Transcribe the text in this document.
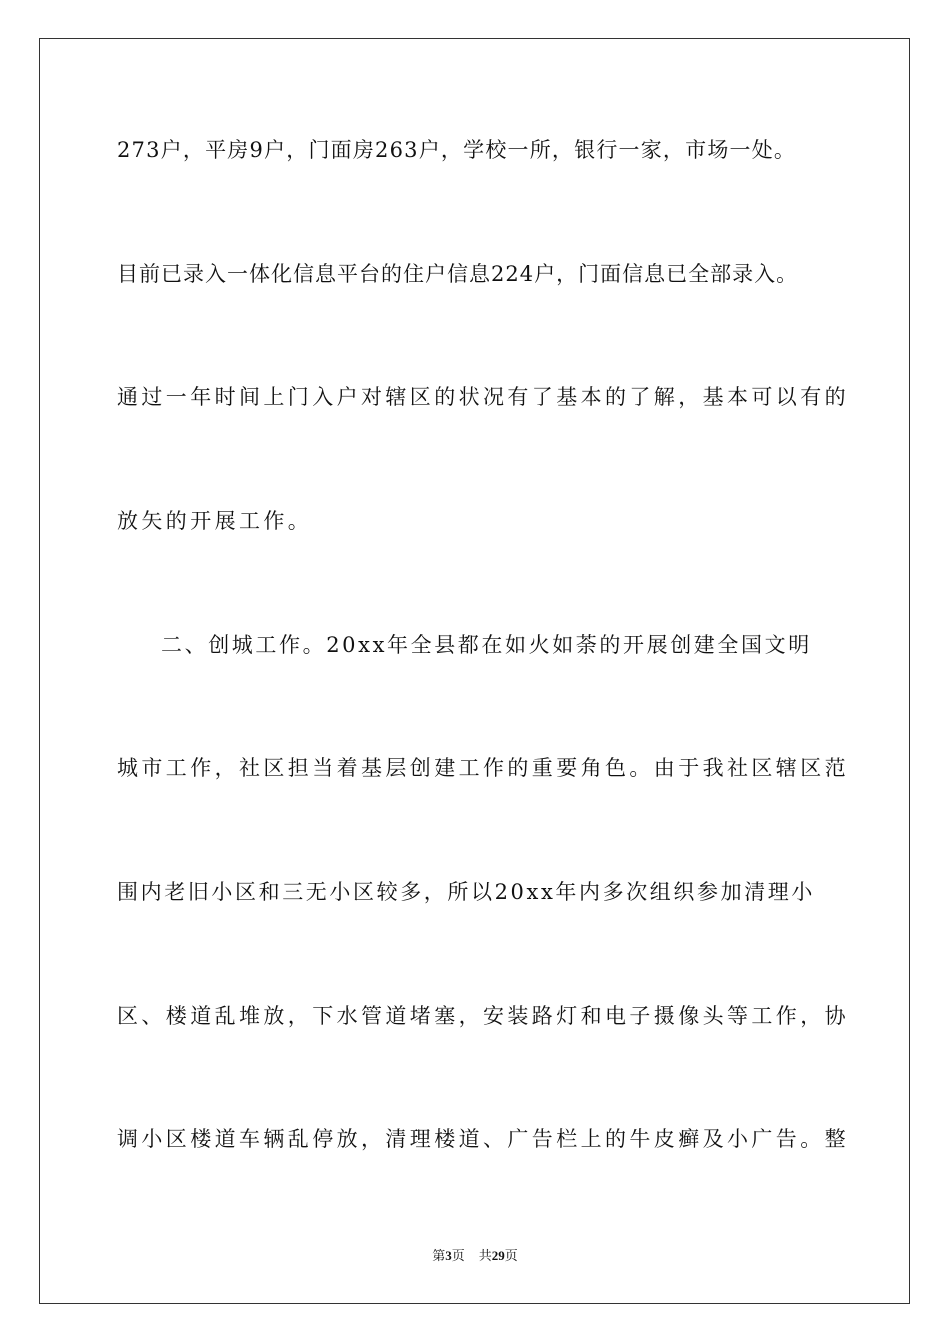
273户，平房9户，门面房263户，学校一所，银行一家，市场一处。

目前已录入一体化信息平台的住户信息224户，门面信息已全部录入。

通过一年时间上门入户对辖区的状况有了基本的了解，基本可以有的

放矢的开展工作。

二、创城工作。20xx年全县都在如火如荼的开展创建全国文明

城市工作，社区担当着基层创建工作的重要角色。由于我社区辖区范

围内老旧小区和三无小区较多，所以20xx年内多次组织参加清理小

区、楼道乱堆放，下水管道堵塞，安装路灯和电子摄像头等工作，协

调小区楼道车辆乱停放，清理楼道、广告栏上的牛皮癣及小广告。整

第3页 共29页
